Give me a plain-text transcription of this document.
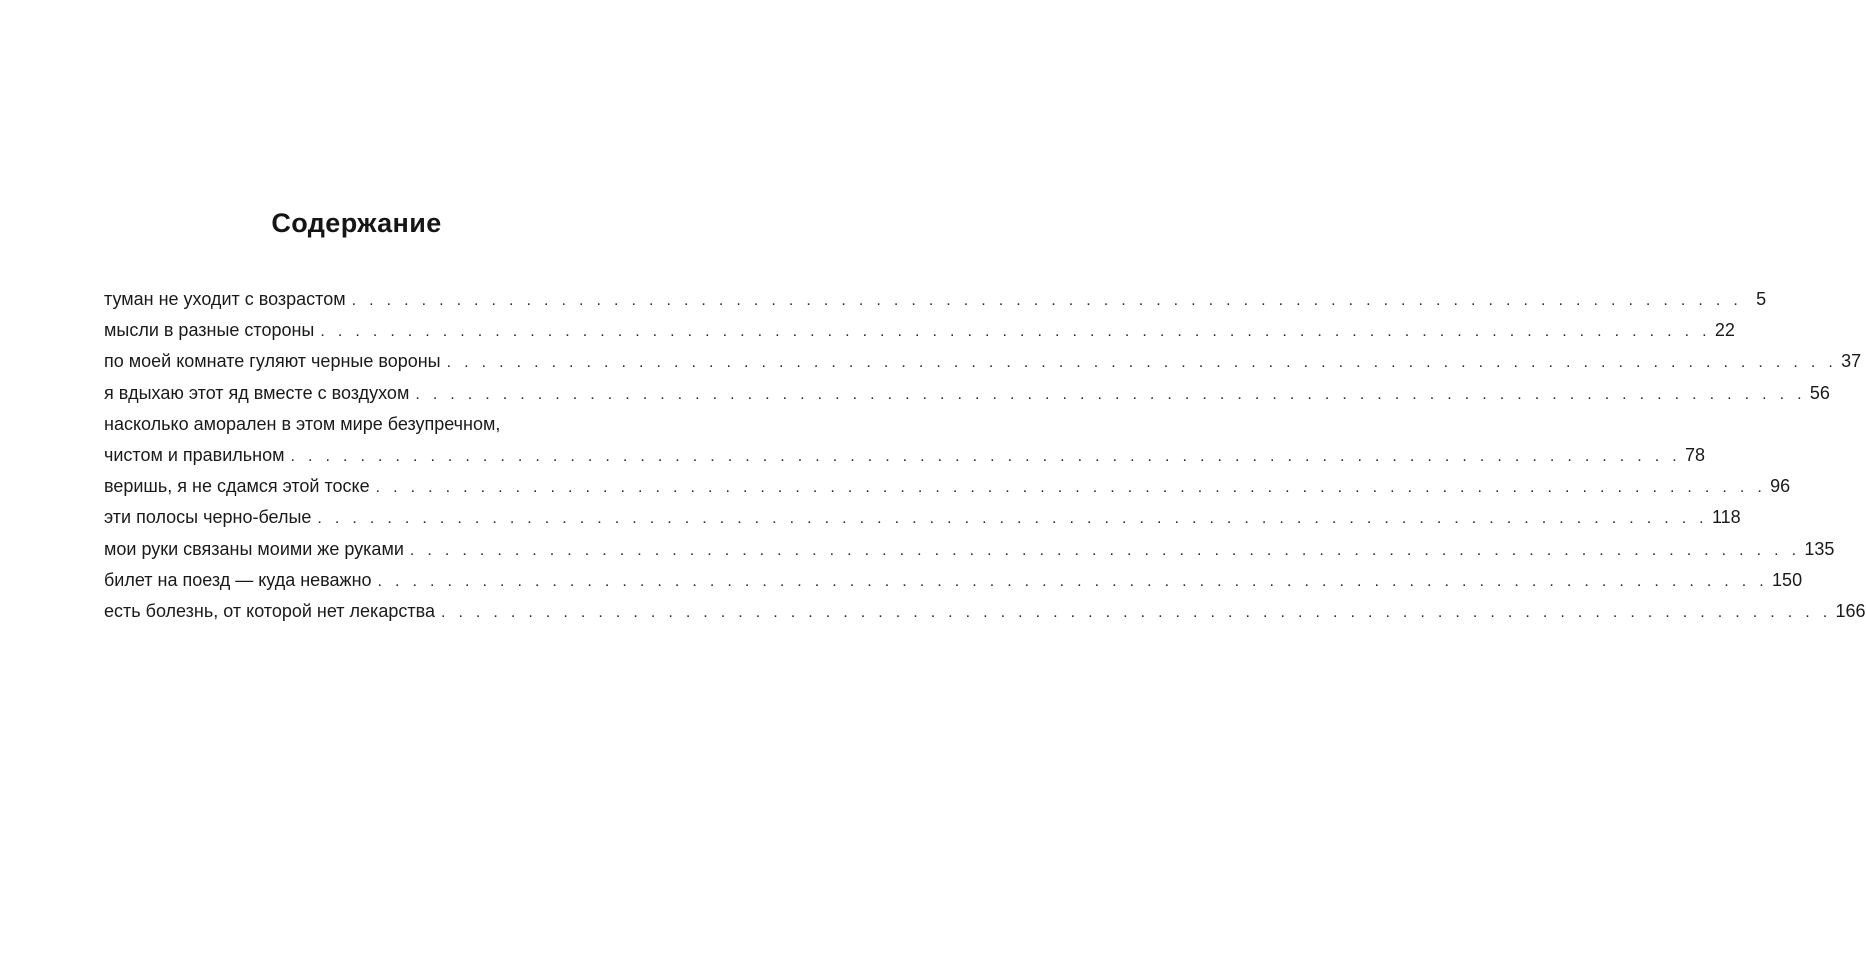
Содержание
туман не уходит с возрастом . . . . . . . . . . . . . . . . . . . . . . . . . . . . . . . . . . . . . . . . . . . . . . . . . . . . . . . . . . . . . . . . . . . . . . . . . . . . . . . . 5
мысли в разные стороны . . . . . . . . . . . . . . . . . . . . . . . . . . . . . . . . . . . . . . . . . . . . . . . . . . . . . . . . . . . . . . . . . . . . . . . . . . . . . . . . 22
по моей комнате гуляют черные вороны . . . . . . . . . . . . . . . . . . . . . . . . . . . . . . . . . . . . . . . . . . . . . . . . . . . . . . . . . . . . . . . . . . . . . . . . . . . . . . . . 37
я вдыхаю этот яд вместе с воздухом . . . . . . . . . . . . . . . . . . . . . . . . . . . . . . . . . . . . . . . . . . . . . . . . . . . . . . . . . . . . . . . . . . . . . . . . . . . . . . . . 56
насколько аморален в этом мире безупречном,
чистом и правильном . . . . . . . . . . . . . . . . . . . . . . . . . . . . . . . . . . . . . . . . . . . . . . . . . . . . . . . . . . . . . . . . . . . . . . . . . . . . . . . . 78
веришь, я не сдамся этой тоске . . . . . . . . . . . . . . . . . . . . . . . . . . . . . . . . . . . . . . . . . . . . . . . . . . . . . . . . . . . . . . . . . . . . . . . . . . . . . . . . 96
эти полосы черно-белые . . . . . . . . . . . . . . . . . . . . . . . . . . . . . . . . . . . . . . . . . . . . . . . . . . . . . . . . . . . . . . . . . . . . . . . . . . . . . . . . 118
мои руки связаны моими же руками . . . . . . . . . . . . . . . . . . . . . . . . . . . . . . . . . . . . . . . . . . . . . . . . . . . . . . . . . . . . . . . . . . . . . . . . . . . . . . . . 135
билет на поезд — куда неважно . . . . . . . . . . . . . . . . . . . . . . . . . . . . . . . . . . . . . . . . . . . . . . . . . . . . . . . . . . . . . . . . . . . . . . . . . . . . . . . . 150
есть болезнь, от которой нет лекарства . . . . . . . . . . . . . . . . . . . . . . . . . . . . . . . . . . . . . . . . . . . . . . . . . . . . . . . . . . . . . . . . . . . . . . . . . . . . . . . . 166
